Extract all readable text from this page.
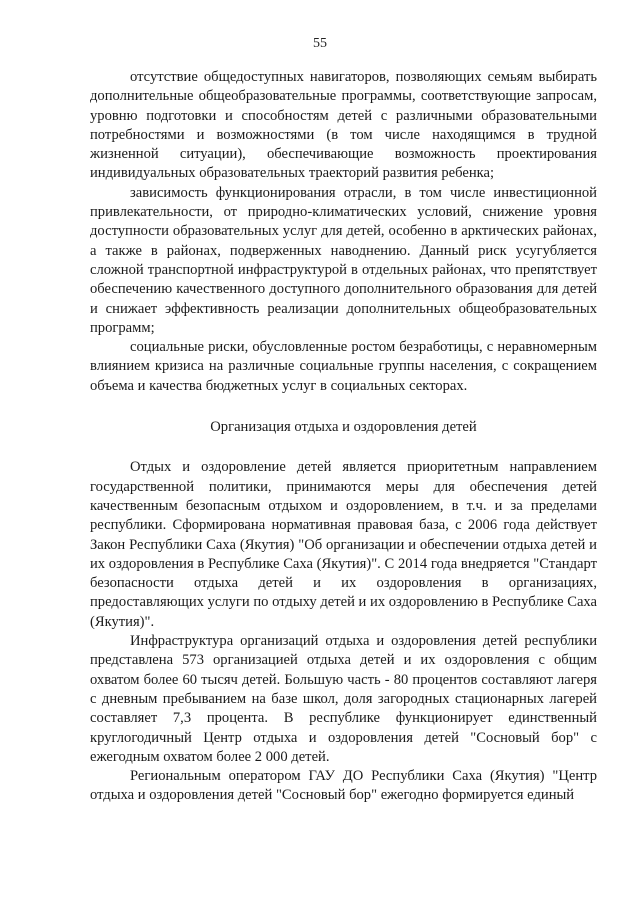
55

отсутствие общедоступных навигаторов, позволяющих семьям выбирать дополнительные общеобразовательные программы, соответствующие запросам, уровню подготовки и способностям детей с различными образовательными потребностями и возможностями (в том числе находящимся в трудной жизненной ситуации), обеспечивающие возможность проектирования индивидуальных образовательных траекторий развития ребенка;

зависимость функционирования отрасли, в том числе инвестиционной привлекательности, от природно-климатических условий, снижение уровня доступности образовательных услуг для детей, особенно в арктических районах, а также в районах, подверженных наводнению. Данный риск усугубляется сложной транспортной инфраструктурой в отдельных районах, что препятствует обеспечению качественного доступного дополнительного образования для детей и снижает эффективность реализации дополнительных общеобразовательных программ;

социальные риски, обусловленные ростом безработицы, с неравномерным влиянием кризиса на различные социальные группы населения, с сокращением объема и качества бюджетных услуг в социальных секторах.

Организация отдыха и оздоровления детей

Отдых и оздоровление детей является приоритетным направлением государственной политики, принимаются меры для обеспечения детей качественным безопасным отдыхом и оздоровлением, в т.ч. и за пределами республики. Сформирована нормативная правовая база, с 2006 года действует Закон Республики Саха (Якутия) "Об организации и обеспечении отдыха детей и их оздоровления в Республике Саха (Якутия)". С 2014 года внедряется "Стандарт безопасности отдыха детей и их оздоровления в организациях, предоставляющих услуги по отдыху детей и их оздоровлению в Республике Саха (Якутия)".

Инфраструктура организаций отдыха и оздоровления детей республики представлена 573 организацией отдыха детей и их оздоровления с общим охватом более 60 тысяч детей. Большую часть - 80 процентов составляют лагеря с дневным пребыванием на базе школ, доля загородных стационарных лагерей составляет 7,3 процента. В республике функционирует единственный круглогодичный Центр отдыха и оздоровления детей "Сосновый бор" с ежегодным охватом более 2 000 детей.

Региональным оператором ГАУ ДО Республики Саха (Якутия) "Центр отдыха и оздоровления детей "Сосновый бор" ежегодно формируется единый
